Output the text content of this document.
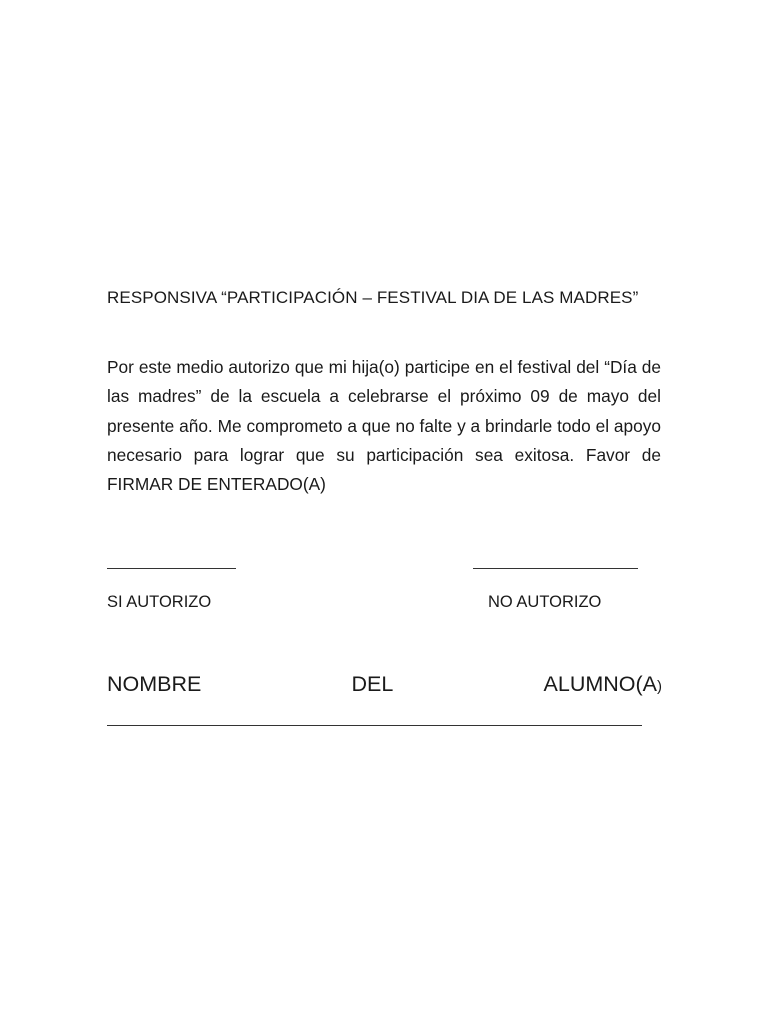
RESPONSIVA “PARTICIPACIÓN – FESTIVAL DIA DE LAS MADRES”
Por este medio autorizo que mi hija(o) participe en el festival del “Día de las madres” de la escuela a celebrarse el próximo 09 de mayo del presente año. Me comprometo a que no falte y a brindarle todo el apoyo necesario para lograr que su participación sea exitosa. Favor de FIRMAR DE ENTERADO(A)
SI AUTORIZO	NO AUTORIZO
NOMBRE	DEL	ALUMNO(A)
